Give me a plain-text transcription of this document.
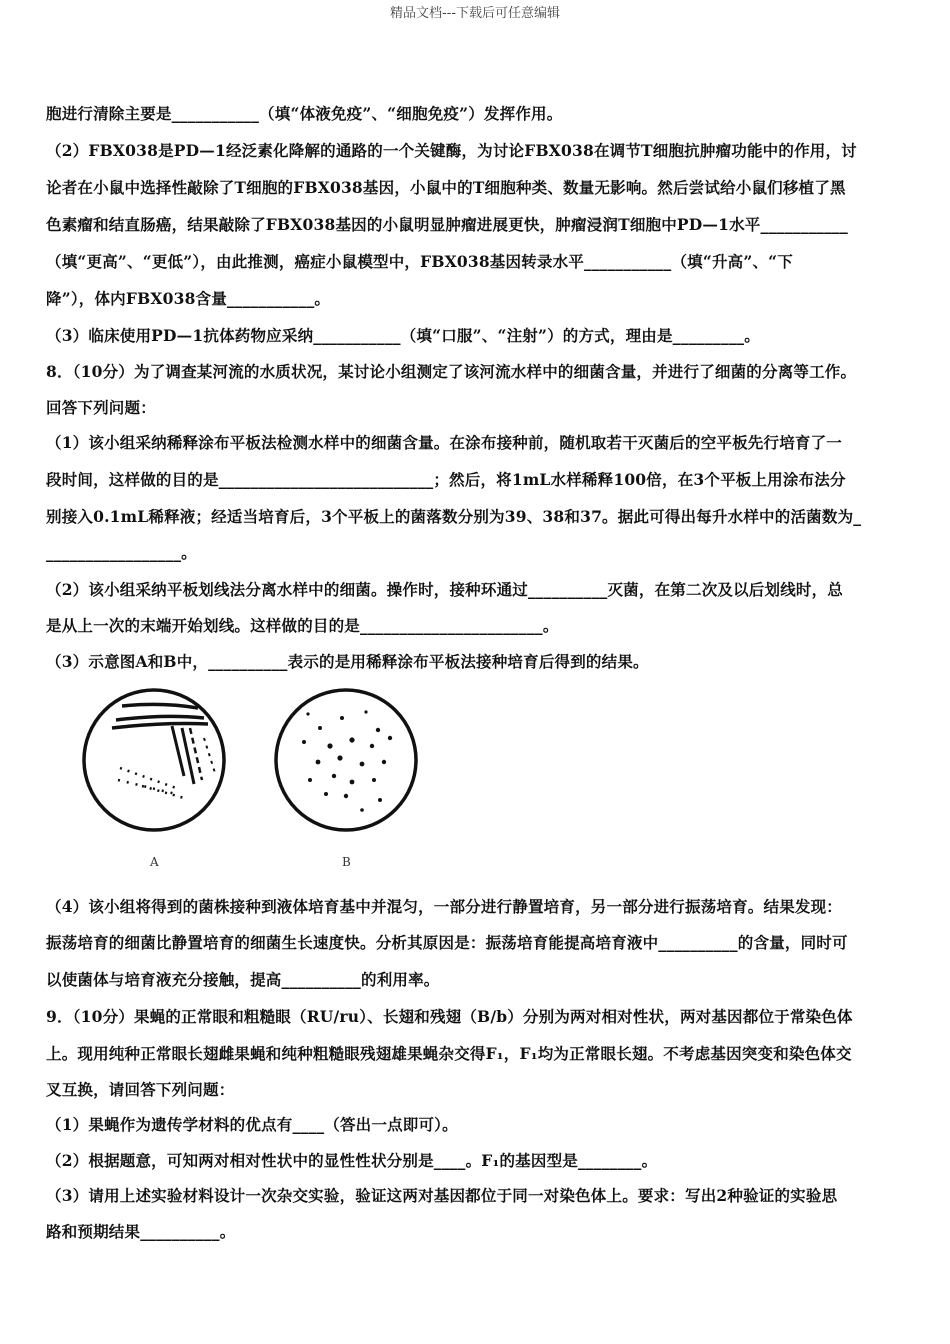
精品文档---下载后可任意编辑
胞进行清除主要是___________（填“体液免疫”、“细胞免疫”）发挥作用。
（2）FBX038是PD—1经泛素化降解的通路的一个关键酶，为讨论FBX038在调节T细胞抗肿瘤功能中的作用，讨
论者在小鼠中选择性敲除了T细胞的FBX038基因，小鼠中的T细胞种类、数量无影响。然后尝试给小鼠们移植了黑
色素瘤和结直肠癌，结果敲除了FBX038基因的小鼠明显肿瘤进展更快，肿瘤浸润T细胞中PD—1水平___________
（填“更高”、“更低”），由此推测，癌症小鼠模型中，FBX038基因转录水平___________（填“升高”、“下
降”），体内FBX038含量___________。
（3）临床使用PD—1抗体药物应采纳___________（填“口服”、“注射”）的方式，理由是_________。
8．（10分）为了调查某河流的水质状况，某讨论小组测定了该河流水样中的细菌含量，并进行了细菌的分离等工作。
回答下列问题：
（1）该小组采纳稀释涂布平板法检测水样中的细菌含量。在涂布接种前，随机取若干灭菌后的空平板先行培育了一
段时间，这样做的目的是___________________________；然后，将1mL水样稀释100倍，在3个平板上用涂布法分
别接入0.1mL稀释液；经适当培育后，3个平板上的菌落数分别为39、38和37。据此可得出每升水样中的活菌数为_
_________________。
（2）该小组采纳平板划线法分离水样中的细菌。操作时，接种环通过__________灭菌，在第二次及以后划线时，总
是从上一次的末端开始划线。这样做的目的是_______________________。
（3）示意图A和B中，__________表示的是用稀释涂布平板法接种培育后得到的结果。
（4）该小组将得到的菌株接种到液体培育基中并混匀，一部分进行静置培育，另一部分进行振荡培育。结果发现：
振荡培育的细菌比静置培育的细菌生长速度快。分析其原因是：振荡培育能提高培育液中__________的含量，同时可
以使菌体与培育液充分接触，提高__________的利用率。
9．（10分）果蝇的正常眼和粗糙眼（RU/ru）、长翅和残翅（B/b）分别为两对相对性状，两对基因都位于常染色体
上。现用纯种正常眼长翅雌果蝇和纯种粗糙眼残翅雄果蝇杂交得F₁，F₁均为正常眼长翅。不考虑基因突变和染色体交
叉互换，请回答下列问题：
（1）果蝇作为遗传学材料的优点有____（答出一点即可）。
（2）根据题意，可知两对相对性状中的显性性状分别是____。F₁的基因型是________。
（3）请用上述实验材料设计一次杂交实验，验证这两对基因都位于同一对染色体上。要求：写出2种验证的实验思
路和预期结果__________。
A	B
